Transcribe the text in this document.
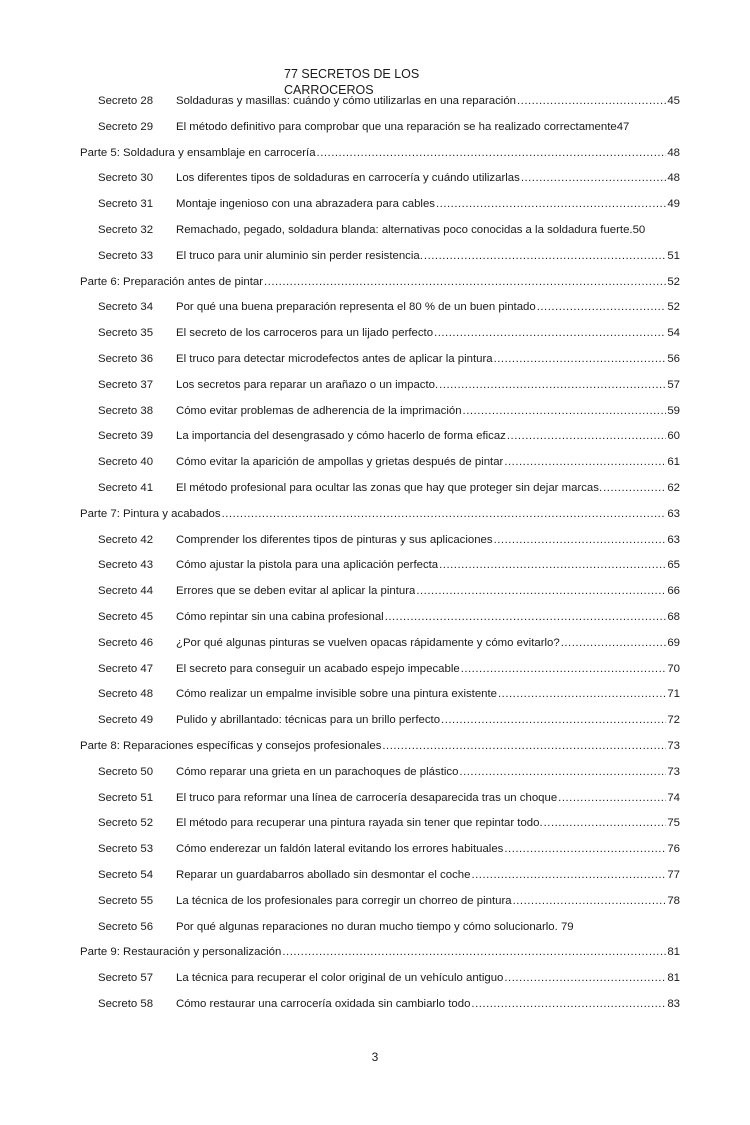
77 SECRETOS DE LOS
CARROCEROS
Secreto 28	Soldaduras y masillas: cuándo y cómo utilizarlas en una reparación .....	45
Secreto 29	El método definitivo para comprobar que una reparación se ha realizado correctamente 47
Parte 5: Soldadura y ensamblaje en carrocería .....	48
Secreto 30	Los diferentes tipos de soldaduras en carrocería y cuándo utilizarlas .....	48
Secreto 31	Montaje ingenioso con una abrazadera para cables .....	49
Secreto 32	Remachado, pegado, soldadura blanda: alternativas poco conocidas a la soldadura fuerte. 50
Secreto 33	El truco para unir aluminio sin perder resistencia. .....	51
Parte 6: Preparación antes de pintar .....	52
Secreto 34	Por qué una buena preparación representa el 80 % de un buen pintado .....	52
Secreto 35	El secreto de los carroceros para un lijado perfecto .....	54
Secreto 36	El truco para detectar microdefectos antes de aplicar la pintura .....	56
Secreto 37	Los secretos para reparar un arañazo o un impacto. .....	57
Secreto 38	Cómo evitar problemas de adherencia de la imprimación .....	59
Secreto 39	La importancia del desengrasado y cómo hacerlo de forma eficaz .....	60
Secreto 40	Cómo evitar la aparición de ampollas y grietas después de pintar .....	61
Secreto 41	El método profesional para ocultar las zonas que hay que proteger sin dejar marcas. .....	62
Parte 7: Pintura y acabados .....	63
Secreto 42	Comprender los diferentes tipos de pinturas y sus aplicaciones .....	63
Secreto 43	Cómo ajustar la pistola para una aplicación perfecta .....	65
Secreto 44	Errores que se deben evitar al aplicar la pintura .....	66
Secreto 45	Cómo repintar sin una cabina profesional .....	68
Secreto 46	¿Por qué algunas pinturas se vuelven opacas rápidamente y cómo evitarlo? .....	69
Secreto 47	El secreto para conseguir un acabado espejo impecable .....	70
Secreto 48	Cómo realizar un empalme invisible sobre una pintura existente .....	71
Secreto 49	Pulido y abrillantado: técnicas para un brillo perfecto .....	72
Parte 8: Reparaciones específicas y consejos profesionales .....	73
Secreto 50	Cómo reparar una grieta en un parachoques de plástico .....	73
Secreto 51	El truco para reformar una línea de carrocería desaparecida tras un choque .....	74
Secreto 52	El método para recuperar una pintura rayada sin tener que repintar todo. .....	75
Secreto 53	Cómo enderezar un faldón lateral evitando los errores habituales .....	76
Secreto 54	Reparar un guardabarros abollado sin desmontar el coche .....	77
Secreto 55	La técnica de los profesionales para corregir un chorreo de pintura .....	78
Secreto 56	Por qué algunas reparaciones no duran mucho tiempo y cómo solucionarlo. 79
Parte 9: Restauración y personalización .....	81
Secreto 57	La técnica para recuperar el color original de un vehículo antiguo .....	81
Secreto 58	Cómo restaurar una carrocería oxidada sin cambiarlo todo .....	83
3
